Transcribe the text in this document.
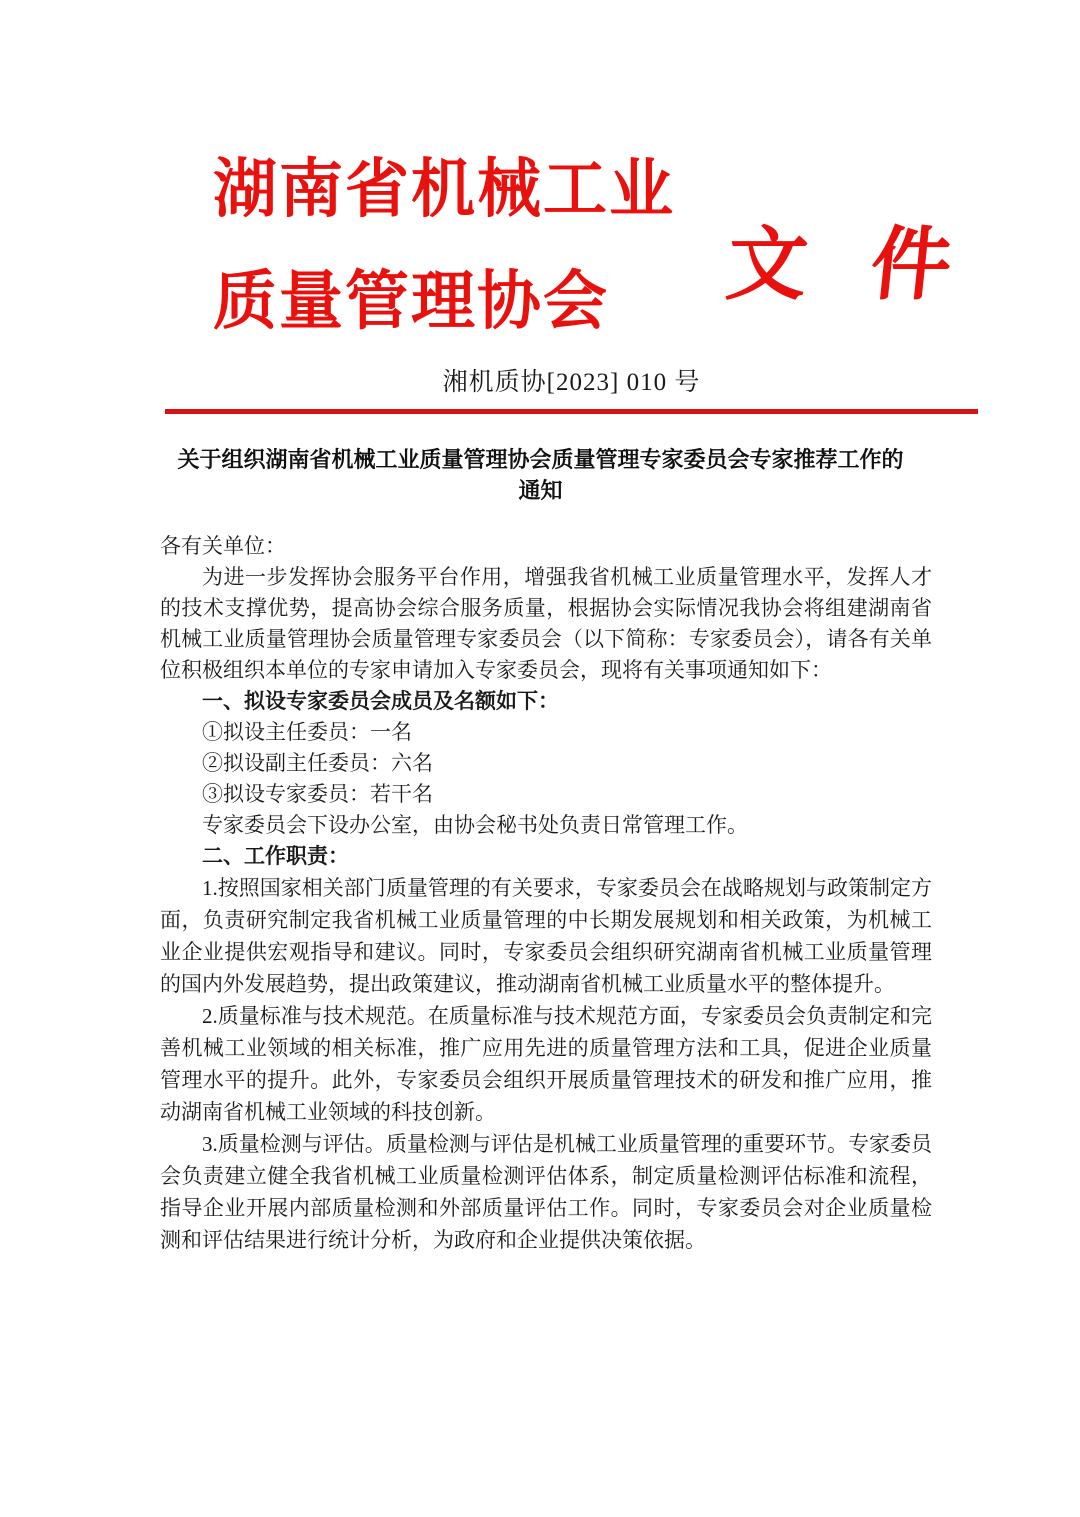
湖南省机械工业
质量管理协会 文 件
湘机质协[2023] 010 号
关于组织湖南省机械工业质量管理协会质量管理专家委员会专家推荐工作的
通知

各有关单位：

为进一步发挥协会服务平台作用，增强我省机械工业质量管理水平，发挥人才的技术支撑优势，提高协会综合服务质量，根据协会实际情况我协会将组建湖南省机械工业质量管理协会质量管理专家委员会（以下简称：专家委员会），请各有关单位积极组织本单位的专家申请加入专家委员会，现将有关事项通知如下：

一、拟设专家委员会成员及名额如下：

①拟设主任委员：一名

②拟设副主任委员：六名

③拟设专家委员：若干名

专家委员会下设办公室，由协会秘书处负责日常管理工作。

二、工作职责：

1.按照国家相关部门质量管理的有关要求，专家委员会在战略规划与政策制定方面，负责研究制定我省机械工业质量管理的中长期发展规划和相关政策，为机械工业企业提供宏观指导和建议。同时，专家委员会组织研究湖南省机械工业质量管理的国内外发展趋势，提出政策建议，推动湖南省机械工业质量水平的整体提升。

2.质量标准与技术规范。在质量标准与技术规范方面，专家委员会负责制定和完善机械工业领域的相关标准，推广应用先进的质量管理方法和工具，促进企业质量管理水平的提升。此外，专家委员会组织开展质量管理技术的研发和推广应用，推动湖南省机械工业领域的科技创新。

3.质量检测与评估。质量检测与评估是机械工业质量管理的重要环节。专家委员会负责建立健全我省机械工业质量检测评估体系，制定质量检测评估标准和流程，指导企业开展内部质量检测和外部质量评估工作。同时，专家委员会对企业质量检测和评估结果进行统计分析，为政府和企业提供决策依据。
